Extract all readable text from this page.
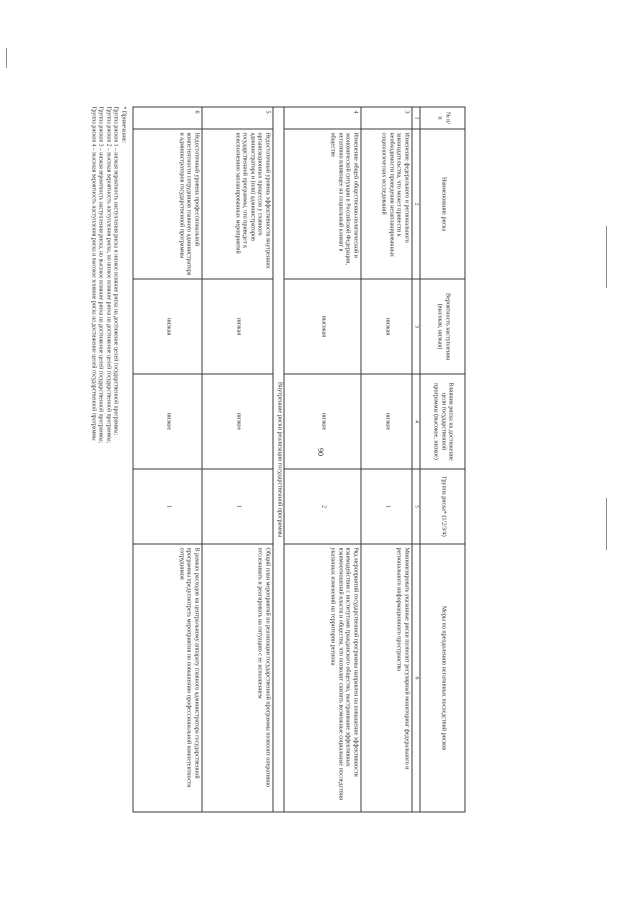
90
№ п/п	Наименование риска	Вероятность наступления (высокая, низкая)	Влияния риска на достижение цели государственной программы (высокое, низкое)	Группа риска* (1/2/3/4)	Меры по преодолению негативных последствий рисков
1	2	3	4	5	6
3	Изменение федерального и регионального законодательства, что может привести к необходимости проведения незапланированных социологических исследований	низкая	низкое	1	Минимизировать указанные риски позволит регулярный мониторинг федерального и регионального информационного пространства
4	Изменение общей общественно-политической и экономической ситуации в Российской Федерации, негативно влияющее на социальный климат в обществе	высокая	низкое	2	Ряд мероприятий государственной программы направлен на повышение эффективности взаимодействия с институтами гражданского общества, выстраивание эффективных взаимоотношений власти и общества, что позволит снизить возможные социальные последствия указанных изменений на территории региона
Внутренние риски реализации государственной программы					
5	Недостаточный уровень эффективности внутренних организационных процессов у главного администратора и (или) администраторов государственной программы, что приведет к неисполнению запланированных мероприятий	низкая	низкое	1	Общий план мероприятий по реализации государственной программы позволит оперативно отслеживать и реагировать на ситуацию с ее исполнением
6	Недостаточный уровень профессиональной компетентности сотрудников главного администратора и администраторов государственной программы	низкая	низкое	1	В рамках расходов на центральному аппарату главного администратора государственной программы предусмотреть мероприятия по повышению профессиональной компетентности сотрудников
* Примечание:
Группа рисков 1 – низкая вероятность наступления риска и низкое влияние риска на достижение целей государственной программы;
Группа рисков 2 – высокая вероятность наступления риска, но низкое влияние риска на достижение целей государственной программы;
Группа рисков 3 – низкая вероятность наступления риска, но высокое влияние риска на достижение целей государственной программы;
Группа рисков 4 – высокая вероятность наступления риска и высокое влияние риска на достижение целей государственной программы
